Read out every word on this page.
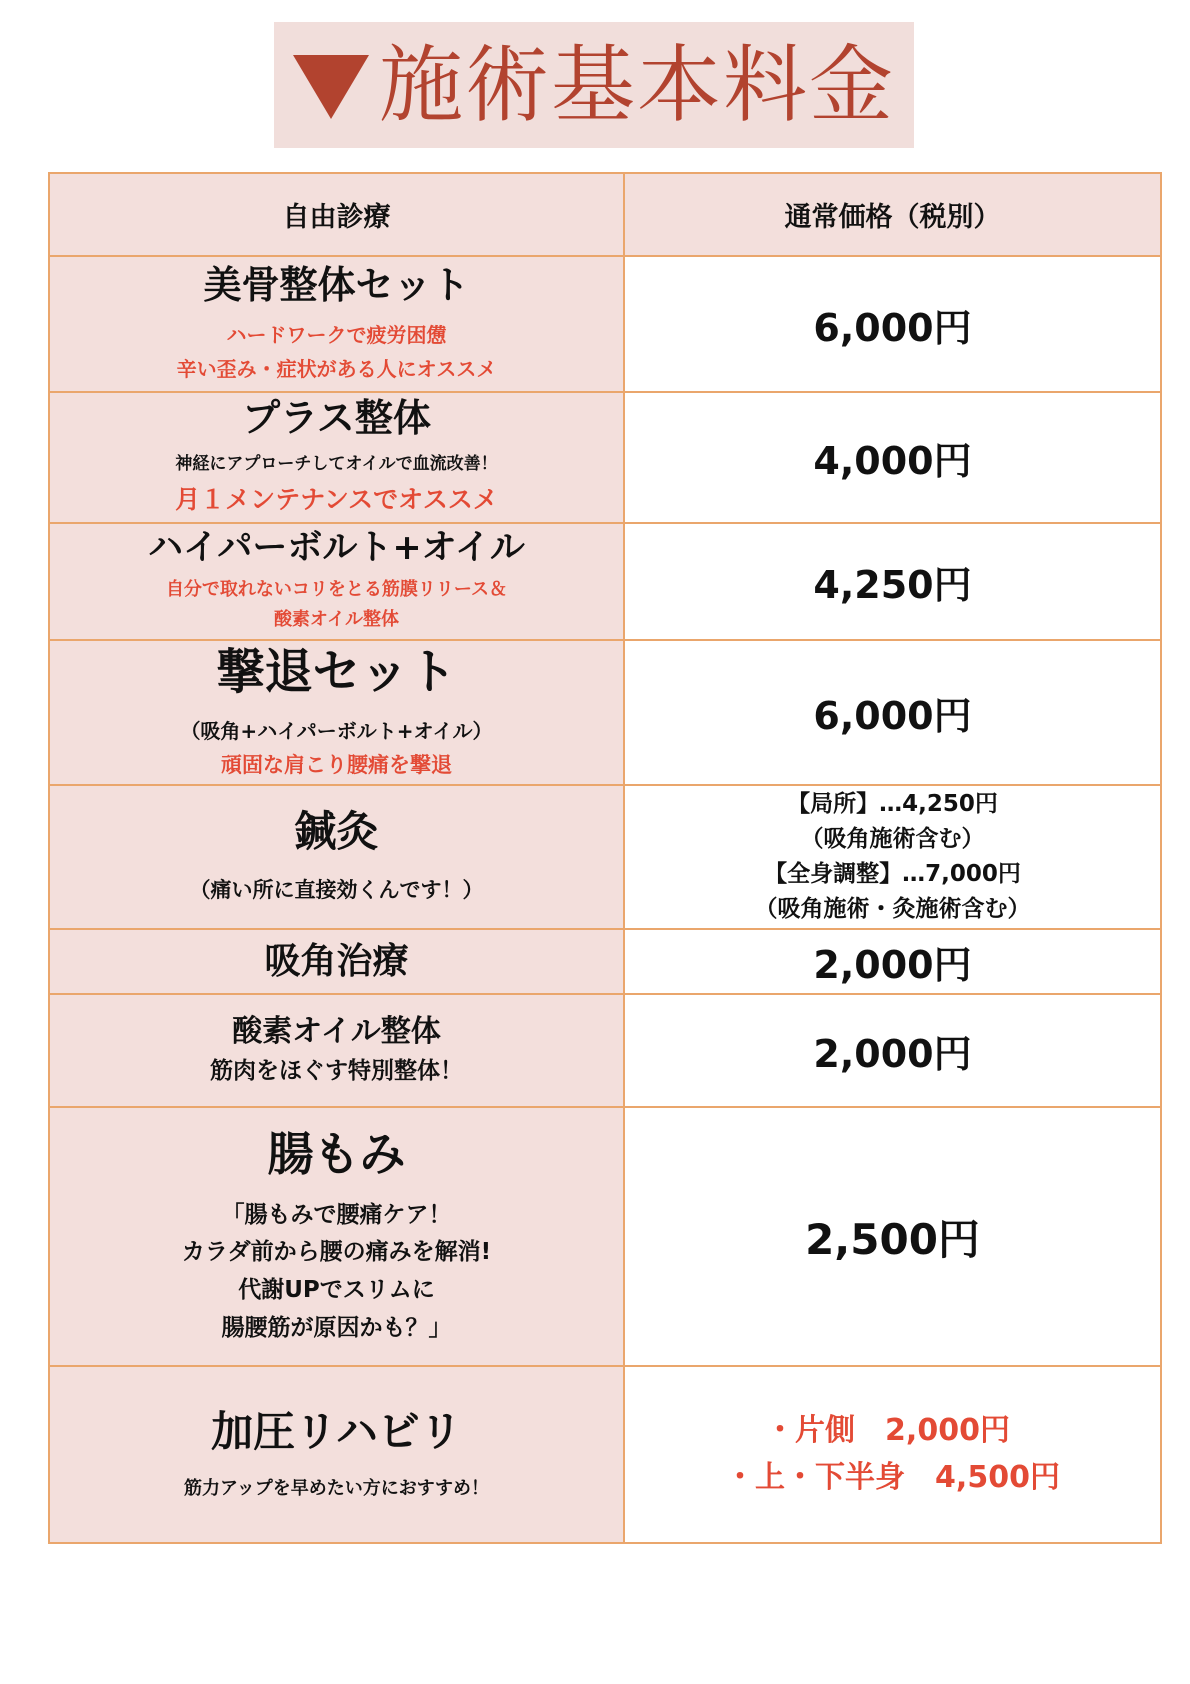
施術基本料金
自由診療	通常価格（税別）

美骨整体セット
ハードワークで疲労困憊
辛い歪み・症状がある人にオススメ	6,000円

プラス整体
神経にアプローチしてオイルで血流改善！
月１メンテナンスでオススメ	4,000円

ハイパーボルト+オイル
自分で取れないコリをとる筋膜リリース＆
酸素オイル整体	4,250円

撃退セット
（吸角+ハイパーボルト+オイル）
頑固な肩こり腰痛を撃退	6,000円

鍼灸
（痛い所に直接効くんです！）	【局所】…4,250円
（吸角施術含む）
【全身調整】…7,000円
（吸角施術・灸施術含む）

吸角治療	2,000円

酸素オイル整体
筋肉をほぐす特別整体！	2,000円

腸もみ
「腸もみで腰痛ケア！
カラダ前から腰の痛みを解消!
代謝UPでスリムに
腸腰筋が原因かも？」	2,500円

加圧リハビリ
筋力アップを早めたい方におすすめ！	・片側　2,000円
・上・下半身　4,500円
